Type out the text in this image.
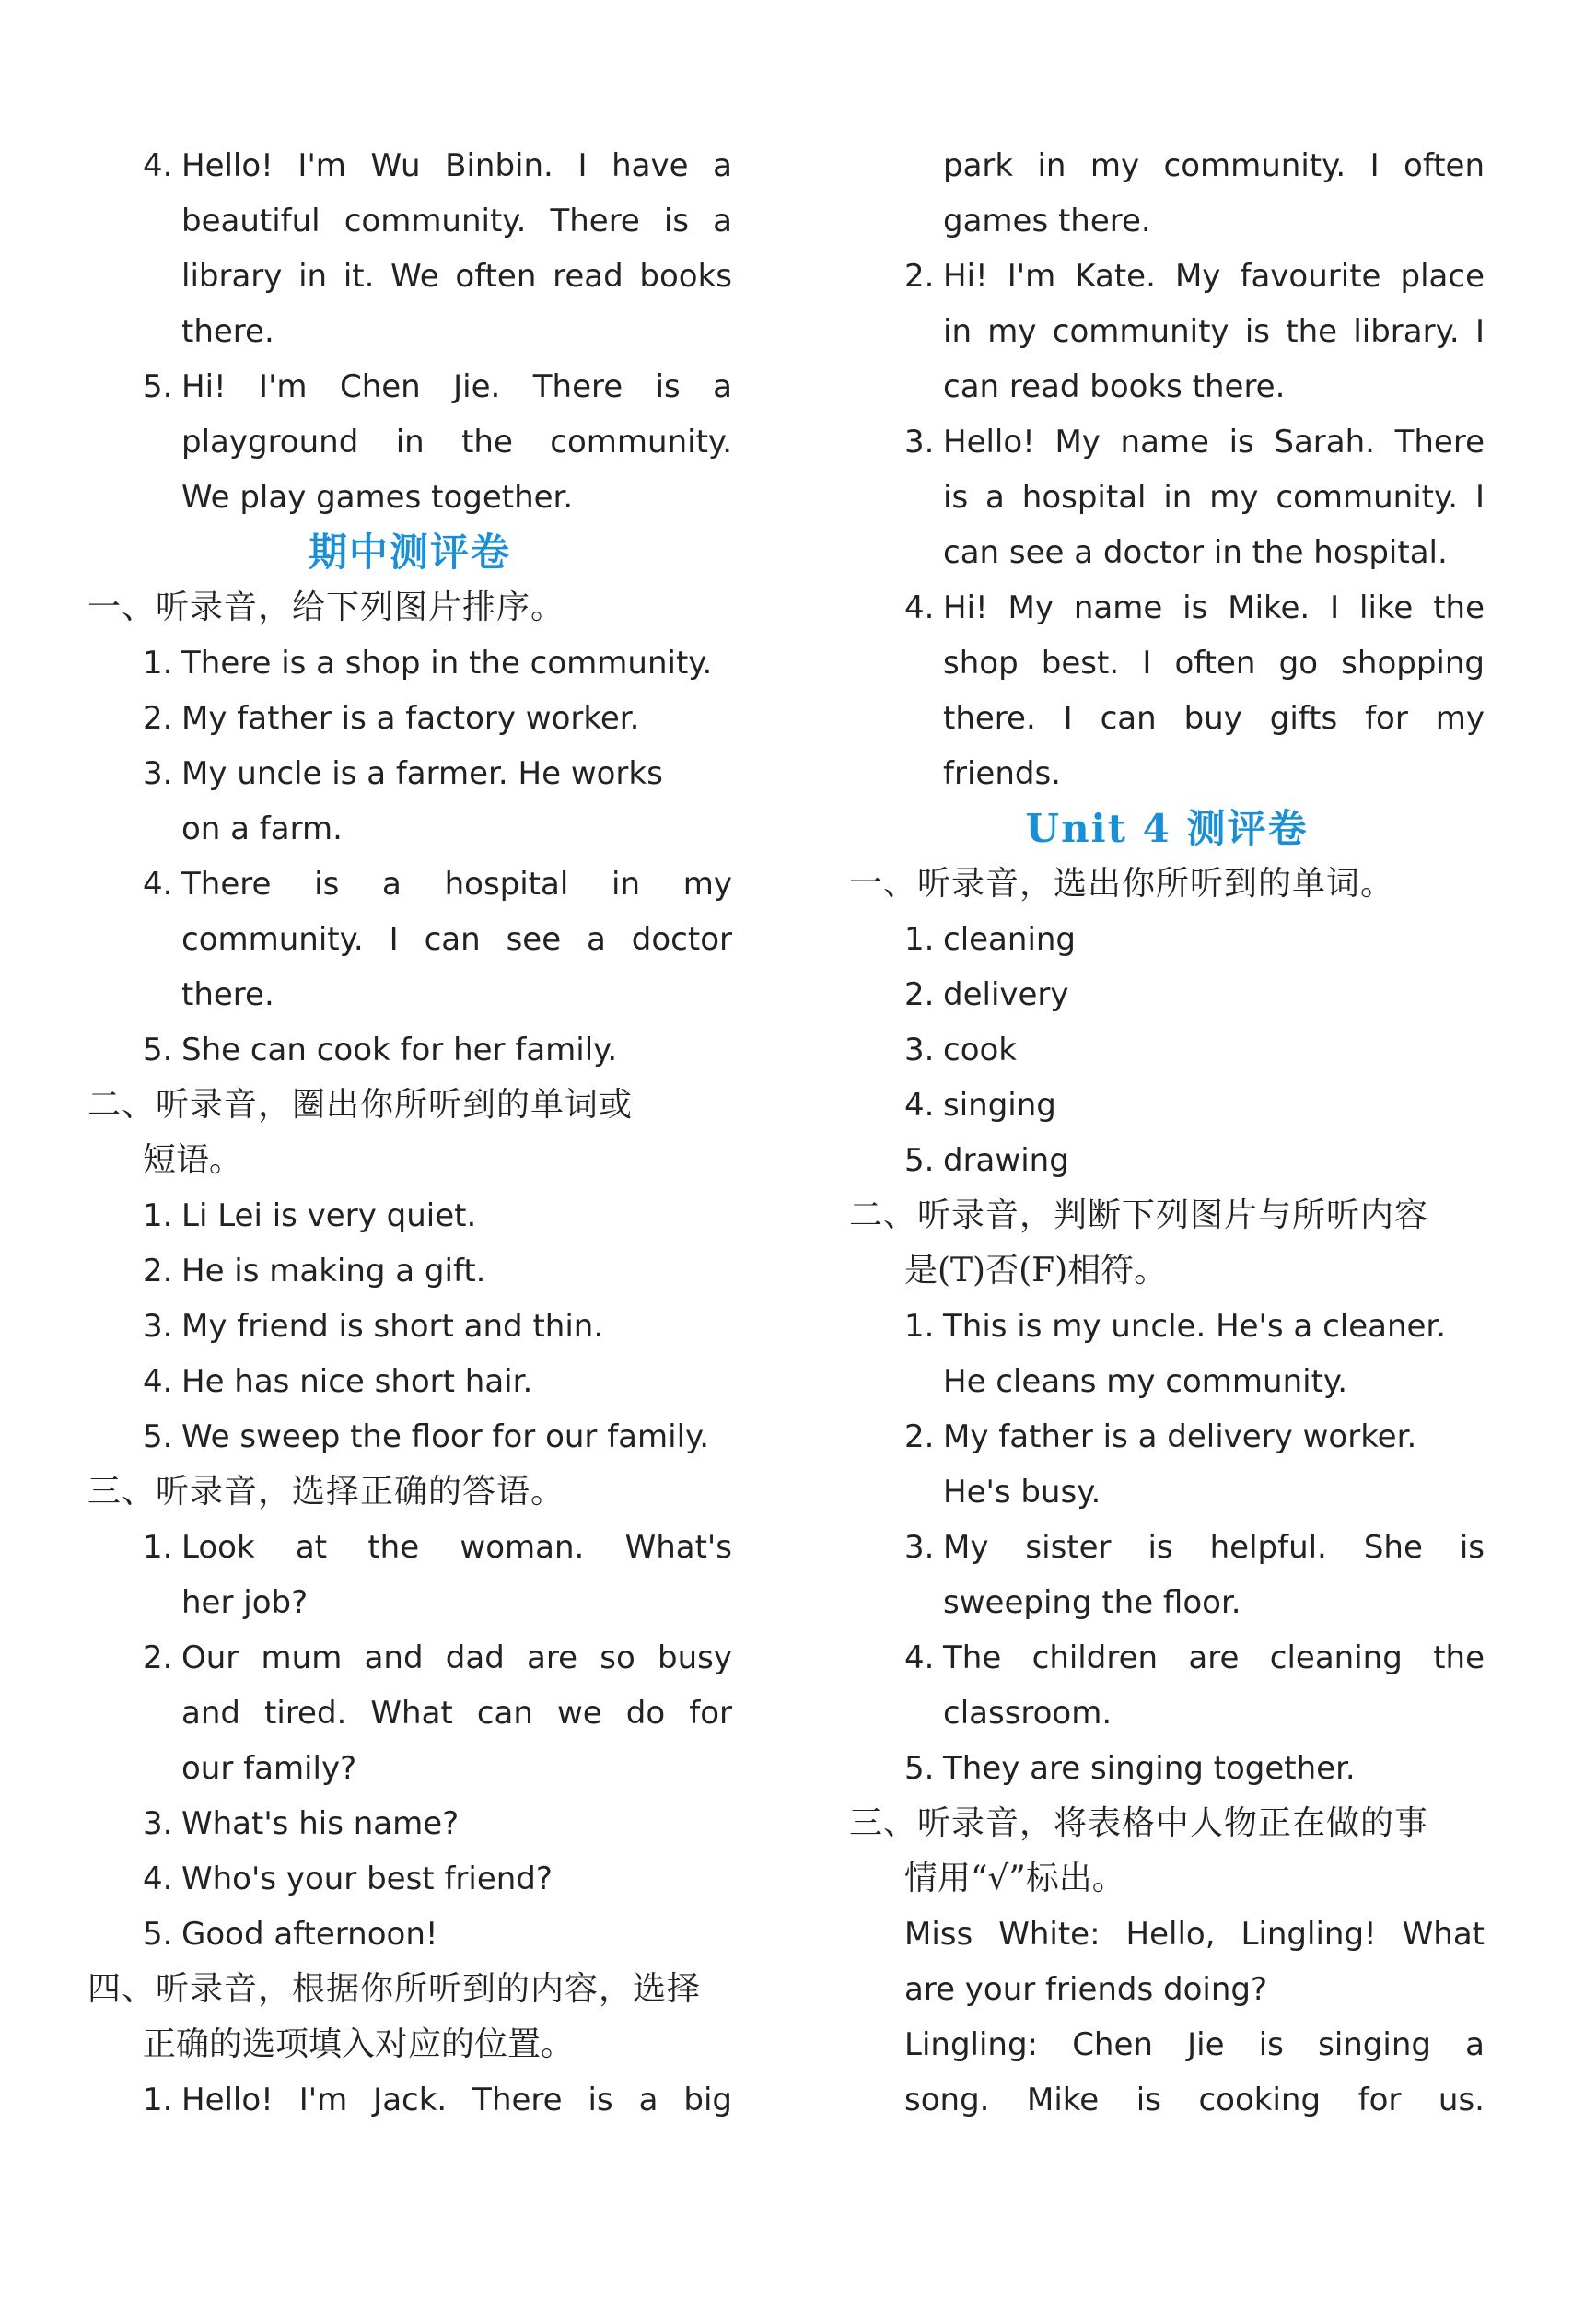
4. Hello! I'm Wu Binbin. I have a
beautiful community. There is a
library in it. We often read books
there.
5. Hi! I'm Chen Jie. There is a
playground in the community.
We play games together.
期中测评卷
一、听录音，给下列图片排序。
1. There is a shop in the community.
2. My father is a factory worker.
3. My uncle is a farmer. He works
on a farm.
4. There is a hospital in my
community. I can see a doctor
there.
5. She can cook for her family.
二、听录音，圈出你所听到的单词或
短语。
1. Li Lei is very quiet.
2. He is making a gift.
3. My friend is short and thin.
4. He has nice short hair.
5. We sweep the floor for our family.
三、听录音，选择正确的答语。
1. Look at the woman. What's
her job?
2. Our mum and dad are so busy
and tired. What can we do for
our family?
3. What's his name?
4. Who's your best friend?
5. Good afternoon!
四、听录音，根据你所听到的内容，选择
正确的选项填入对应的位置。
1. Hello! I'm Jack. There is a big
park in my community. I often
games there.
2. Hi! I'm Kate. My favourite place
in my community is the library. I
can read books there.
3. Hello! My name is Sarah. There
is a hospital in my community. I
can see a doctor in the hospital.
4. Hi! My name is Mike. I like the
shop best. I often go shopping
there. I can buy gifts for my
friends.
Unit 4 测评卷
一、听录音，选出你所听到的单词。
1. cleaning
2. delivery
3. cook
4. singing
5. drawing
二、听录音，判断下列图片与所听内容
是(T)否(F)相符。
1. This is my uncle. He's a cleaner.
He cleans my community.
2. My father is a delivery worker.
He's busy.
3. My sister is helpful. She is
sweeping the floor.
4. The children are cleaning the
classroom.
5. They are singing together.
三、听录音，将表格中人物正在做的事
情用“√”标出。
Miss White: Hello, Lingling! What
are your friends doing?
Lingling: Chen Jie is singing a
song. Mike is cooking for us.
